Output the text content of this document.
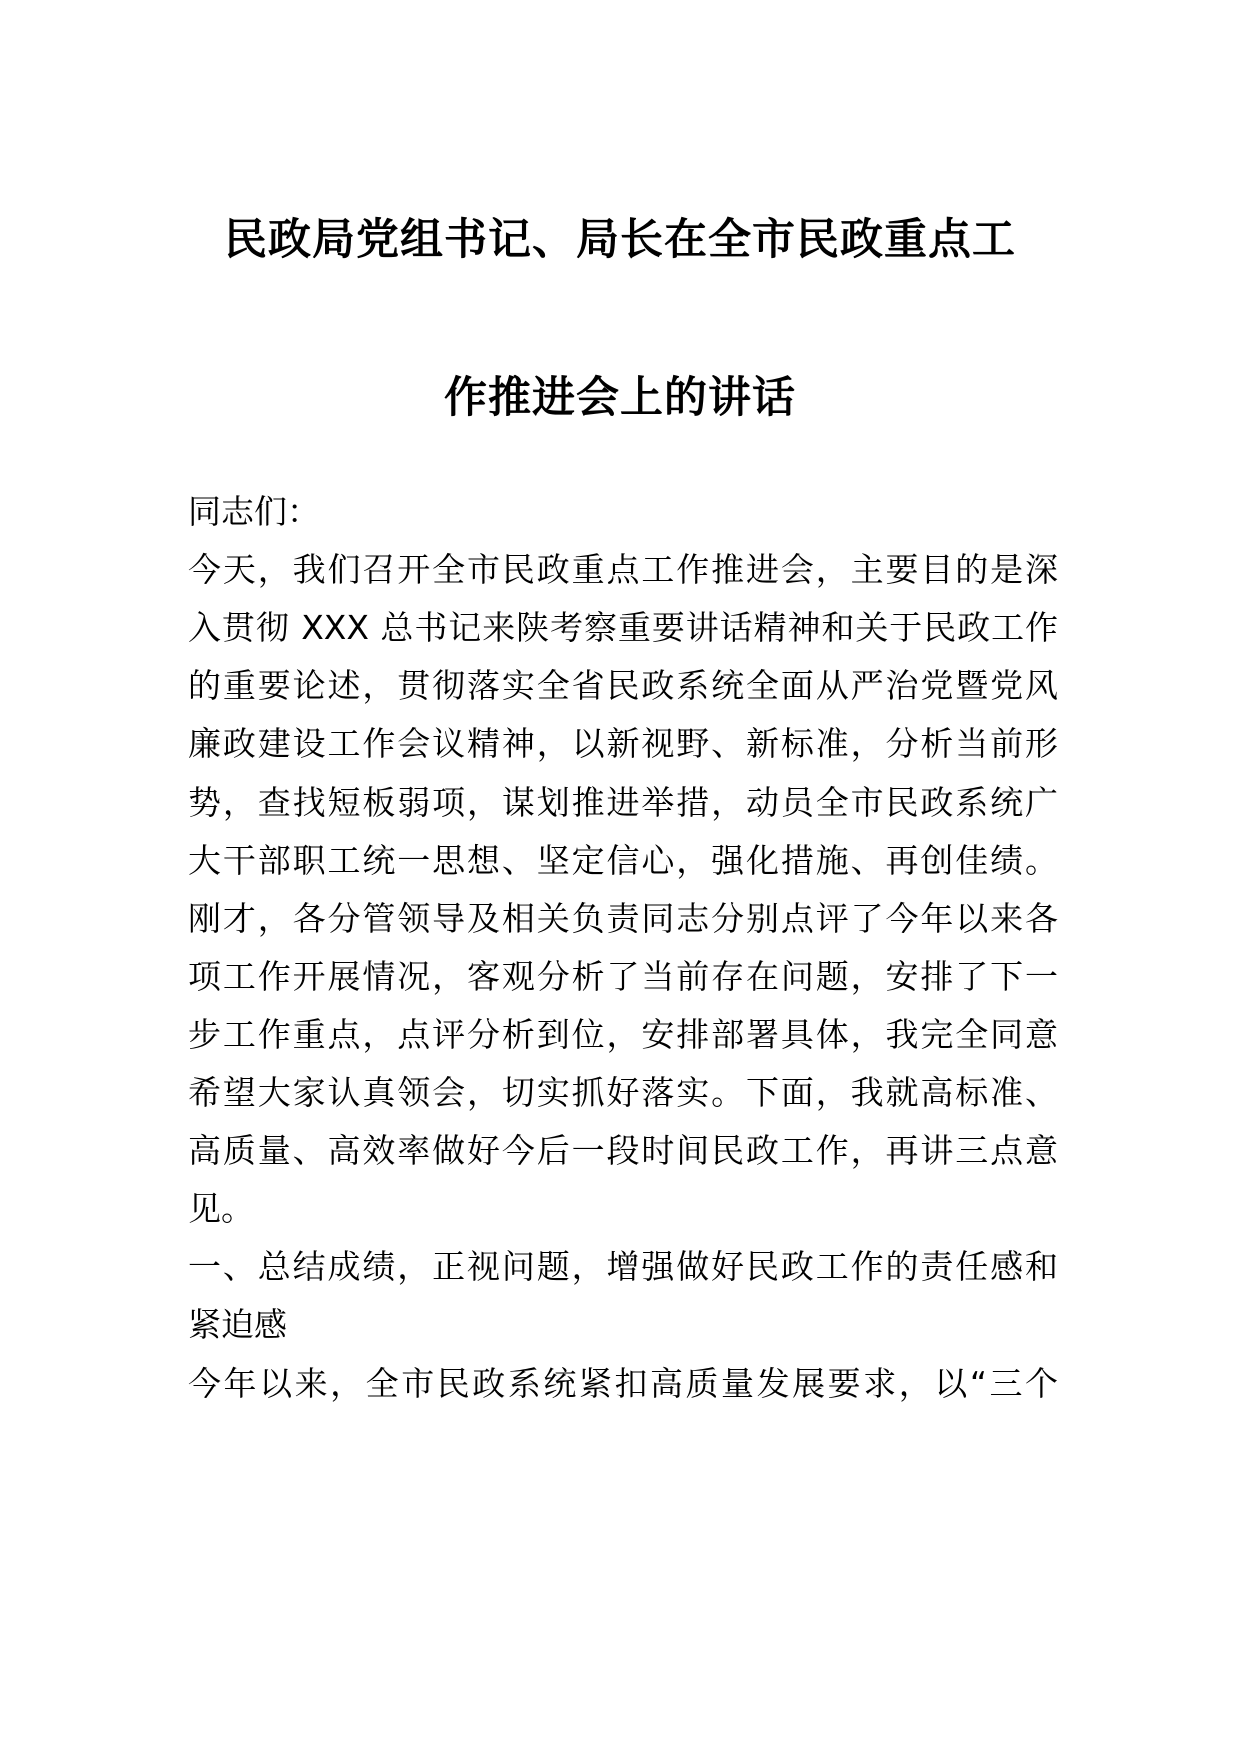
民政局党组书记、局长在全市民政重点工
作推进会上的讲话
同志们：
今天，我们召开全市民政重点工作推进会，主要目的是深
入贯彻 XXX 总书记来陕考察重要讲话精神和关于民政工作
的重要论述，贯彻落实全省民政系统全面从严治党暨党风
廉政建设工作会议精神，以新视野、新标准，分析当前形
势，查找短板弱项，谋划推进举措，动员全市民政系统广
大干部职工统一思想、坚定信心，强化措施、再创佳绩。
刚才，各分管领导及相关负责同志分别点评了今年以来各
项工作开展情况，客观分析了当前存在问题，安排了下一
步工作重点，点评分析到位，安排部署具体，我完全同意
希望大家认真领会，切实抓好落实。下面，我就高标准、
高质量、高效率做好今后一段时间民政工作，再讲三点意
见。
一、总结成绩，正视问题，增强做好民政工作的责任感和
紧迫感
今年以来，全市民政系统紧扣高质量发展要求，以“三个
